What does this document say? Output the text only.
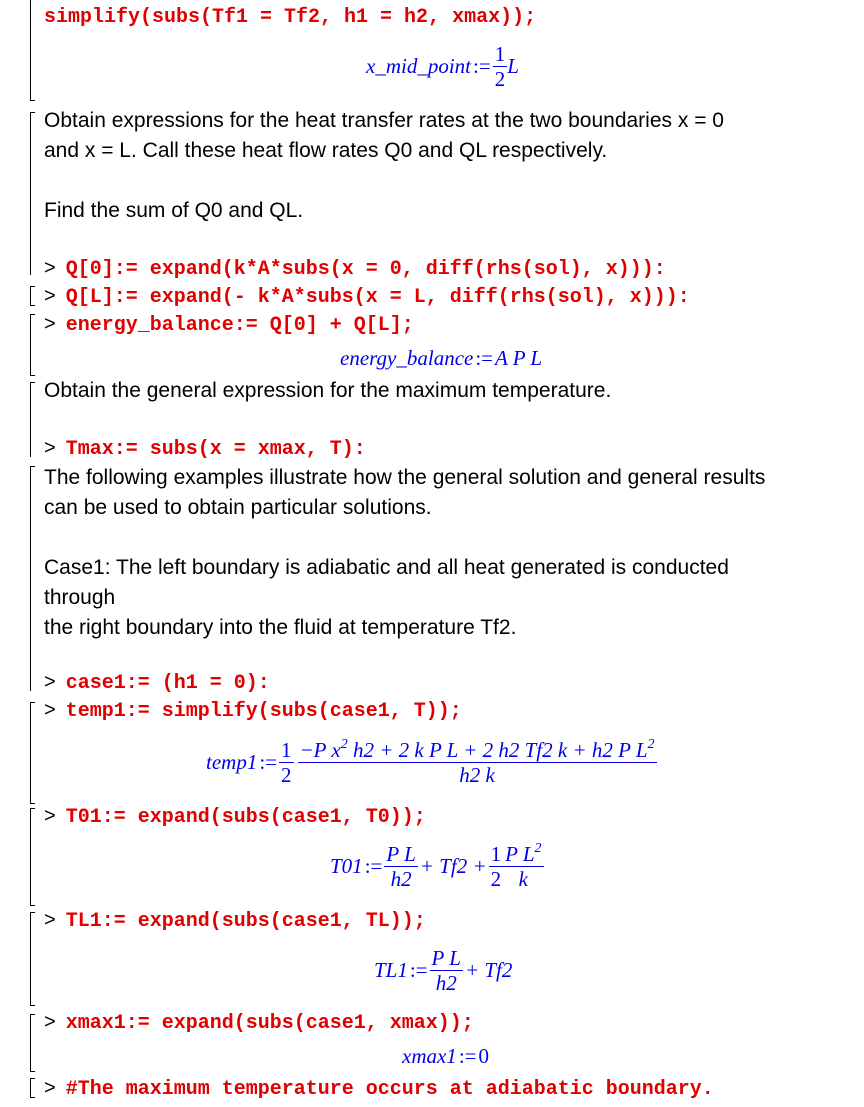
simplify(subs(Tf1 = Tf2, h1 = h2, xmax));
x_mid_point := $\frac{1}{2}$ L
Obtain expressions for the heat transfer rates at the two boundaries x = 0
and x = L. Call these heat flow rates Q0 and QL respectively.
Find the sum of Q0 and QL.
> Q[0]:= expand(k*A*subs(x = 0, diff(rhs(sol), x))):
> Q[L]:= expand(- k*A*subs(x = L, diff(rhs(sol), x))):
> energy_balance:= Q[0] + Q[L];
energy_balance:=A P L
Obtain the general expression for the maximum temperature.
> Tmax:= subs(x = xmax, T):
The following examples illustrate how the general solution and general results
can be used to obtain particular solutions.
Case1: The left boundary is adiabatic and all heat generated is conducted
through
the right boundary into the fluid at temperature Tf2.
> case1:= (h1 = 0):
> temp1:= simplify(subs(case1, T));
temp1 := $\frac{1}{2} \frac{-P x^2 h2 + 2 k P L + 2 h2 Tf2 k + h2 P L^2}{h2 k}$
> T01:= expand(subs(case1, T0));
T01 := $\frac{\text{P L}}{h2} + Tf2 + \frac{1}{2} \frac{P L^2}{k}$
> TL1:= expand(subs(case1, TL));
TL1 := $\frac{\text{P L}}{h2} + Tf2$
> xmax1:= expand(subs(case1, xmax));
xmax1:=0
> #The maximum temperature occurs at adiabatic boundary.
